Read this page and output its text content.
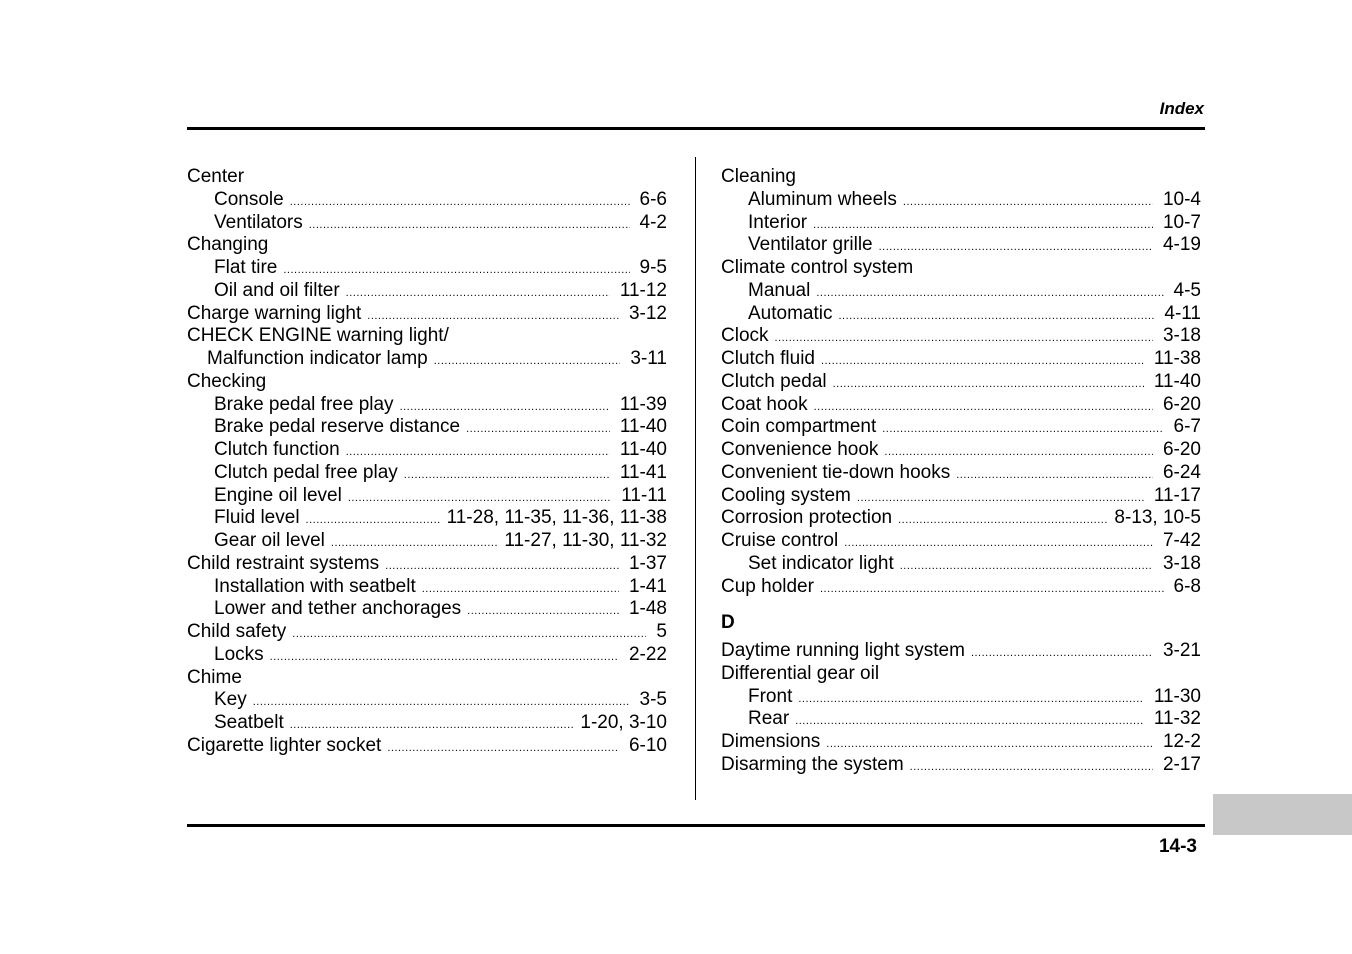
Index
Center
Console .....	6-6
Ventilators .....	4-2
Changing
Flat tire .....	9-5
Oil and oil filter .....	11-12
Charge warning light .....	3-12
CHECK ENGINE warning light/
Malfunction indicator lamp .....	3-11
Checking
Brake pedal free play .....	11-39
Brake pedal reserve distance .....	11-40
Clutch function .....	11-40
Clutch pedal free play .....	11-41
Engine oil level .....	11-11
Fluid level .....	11-28, 11-35, 11-36, 11-38
Gear oil level .....	11-27, 11-30, 11-32
Child restraint systems .....	1-37
Installation with seatbelt .....	1-41
Lower and tether anchorages .....	1-48
Child safety .....	5
Locks .....	2-22
Chime
Key .....	3-5
Seatbelt .....	1-20, 3-10
Cigarette lighter socket .....	6-10
Cleaning
Aluminum wheels .....	10-4
Interior .....	10-7
Ventilator grille .....	4-19
Climate control system
Manual .....	4-5
Automatic .....	4-11
Clock .....	3-18
Clutch fluid .....	11-38
Clutch pedal .....	11-40
Coat hook .....	6-20
Coin compartment .....	6-7
Convenience hook .....	6-20
Convenient tie-down hooks .....	6-24
Cooling system .....	11-17
Corrosion protection .....	8-13, 10-5
Cruise control .....	7-42
Set indicator light .....	3-18
Cup holder .....	6-8
D
Daytime running light system .....	3-21
Differential gear oil
Front .....	11-30
Rear .....	11-32
Dimensions .....	12-2
Disarming the system .....	2-17
14-3
